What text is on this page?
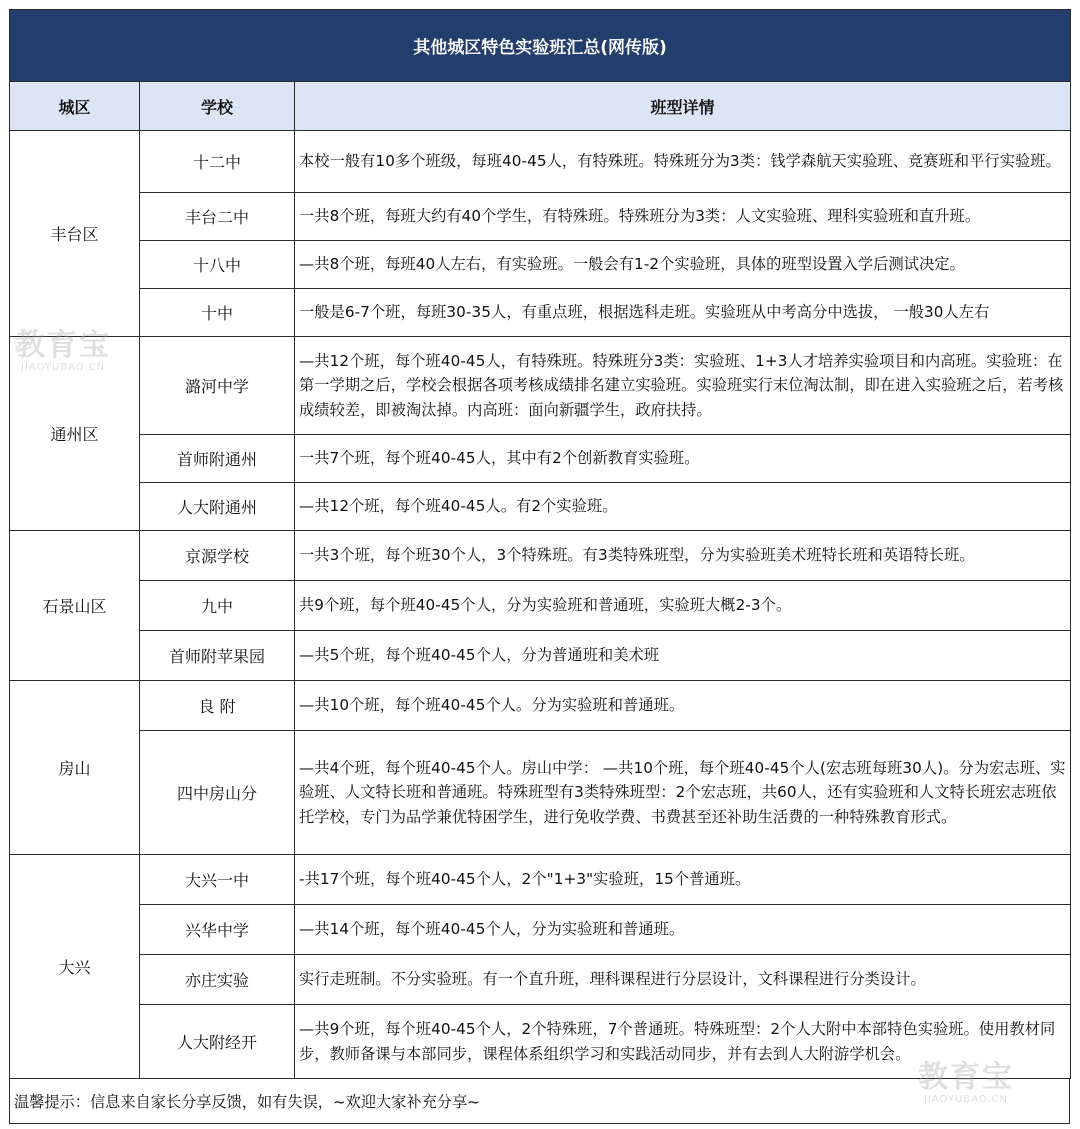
其他城区特色实验班汇总(网传版)		
城区	学校	班型详情
丰台区	十二中	本校一般有10多个班级，每班40-45人，有特殊班。特殊班分为3类：钱学森航天实验班、竞赛班和平行实验班。
	丰台二中	一共8个班，每班大约有40个学生，有特殊班。特殊班分为3类：人文实验班、理科实验班和直升班。
	十八中	—共8个班，每班40人左右，有实验班。一般会有1-2个实验班，具体的班型设置入学后测试决定。
	十中	一般是6-7个班，每班30-35人，有重点班，根据选科走班。实验班从中考高分中选拔， 一般30人左右
通州区	潞河中学	—共12个班，每个班40-45人，有特殊班。特殊班分3类：实验班、1+3人才培养实验项目和内高班。实验班：在第一学期之后，学校会根据各项考核成绩排名建立实验班。实验班实行末位淘汰制，即在进入实验班之后，若考核成绩较差，即被淘汰掉。内高班：面向新疆学生，政府扶持。
	首师附通州	一共7个班，每个班40-45人，其中有2个创新教育实验班。
	人大附通州	—共12个班，每个班40-45人。有2个实验班。
石景山区	京源学校	一共3个班，每个班30个人，3个特殊班。有3类特殊班型，分为实验班美术班特长班和英语特长班。
	九中	共9个班，每个班40-45个人，分为实验班和普通班，实验班大概2-3个。
	首师附苹果园	—共5个班，每个班40-45个人，分为普通班和美术班
房山	良 附	—共10个班，每个班40-45个人。分为实验班和普通班。
	四中房山分	—共4个班，每个班40-45个人。房山中学： —共10个班，每个班40-45个人(宏志班每班30人)。分为宏志班、实验班、人文特长班和普通班。特殊班型有3类特殊班型：2个宏志班，共60人，还有实验班和人文特长班宏志班依托学校，专门为品学兼优特困学生，进行免收学费、书费甚至还补助生活费的一种特殊教育形式。
大兴	大兴一中	-共17个班，每个班40-45个人，2个"1+3"实验班，15个普通班。
	兴华中学	—共14个班，每个班40-45个人，分为实验班和普通班。
	亦庄实验	实行走班制。不分实验班。有一个直升班，理科课程进行分层设计，文科课程进行分类设计。
	人大附经开	—共9个班，每个班40-45个人，2个特殊班，7个普通班。特殊班型：2个人大附中本部特色实验班。使用教材同步，教师备课与本部同步，课程体系组织学习和实践活动同步，并有去到人大附游学机会。
温馨提示：信息来自家长分享反馈，如有失误，~欢迎大家补充分享~
教育宝
JIAOYUBAO.CN
教育宝
JIAOYUBAO.CN
